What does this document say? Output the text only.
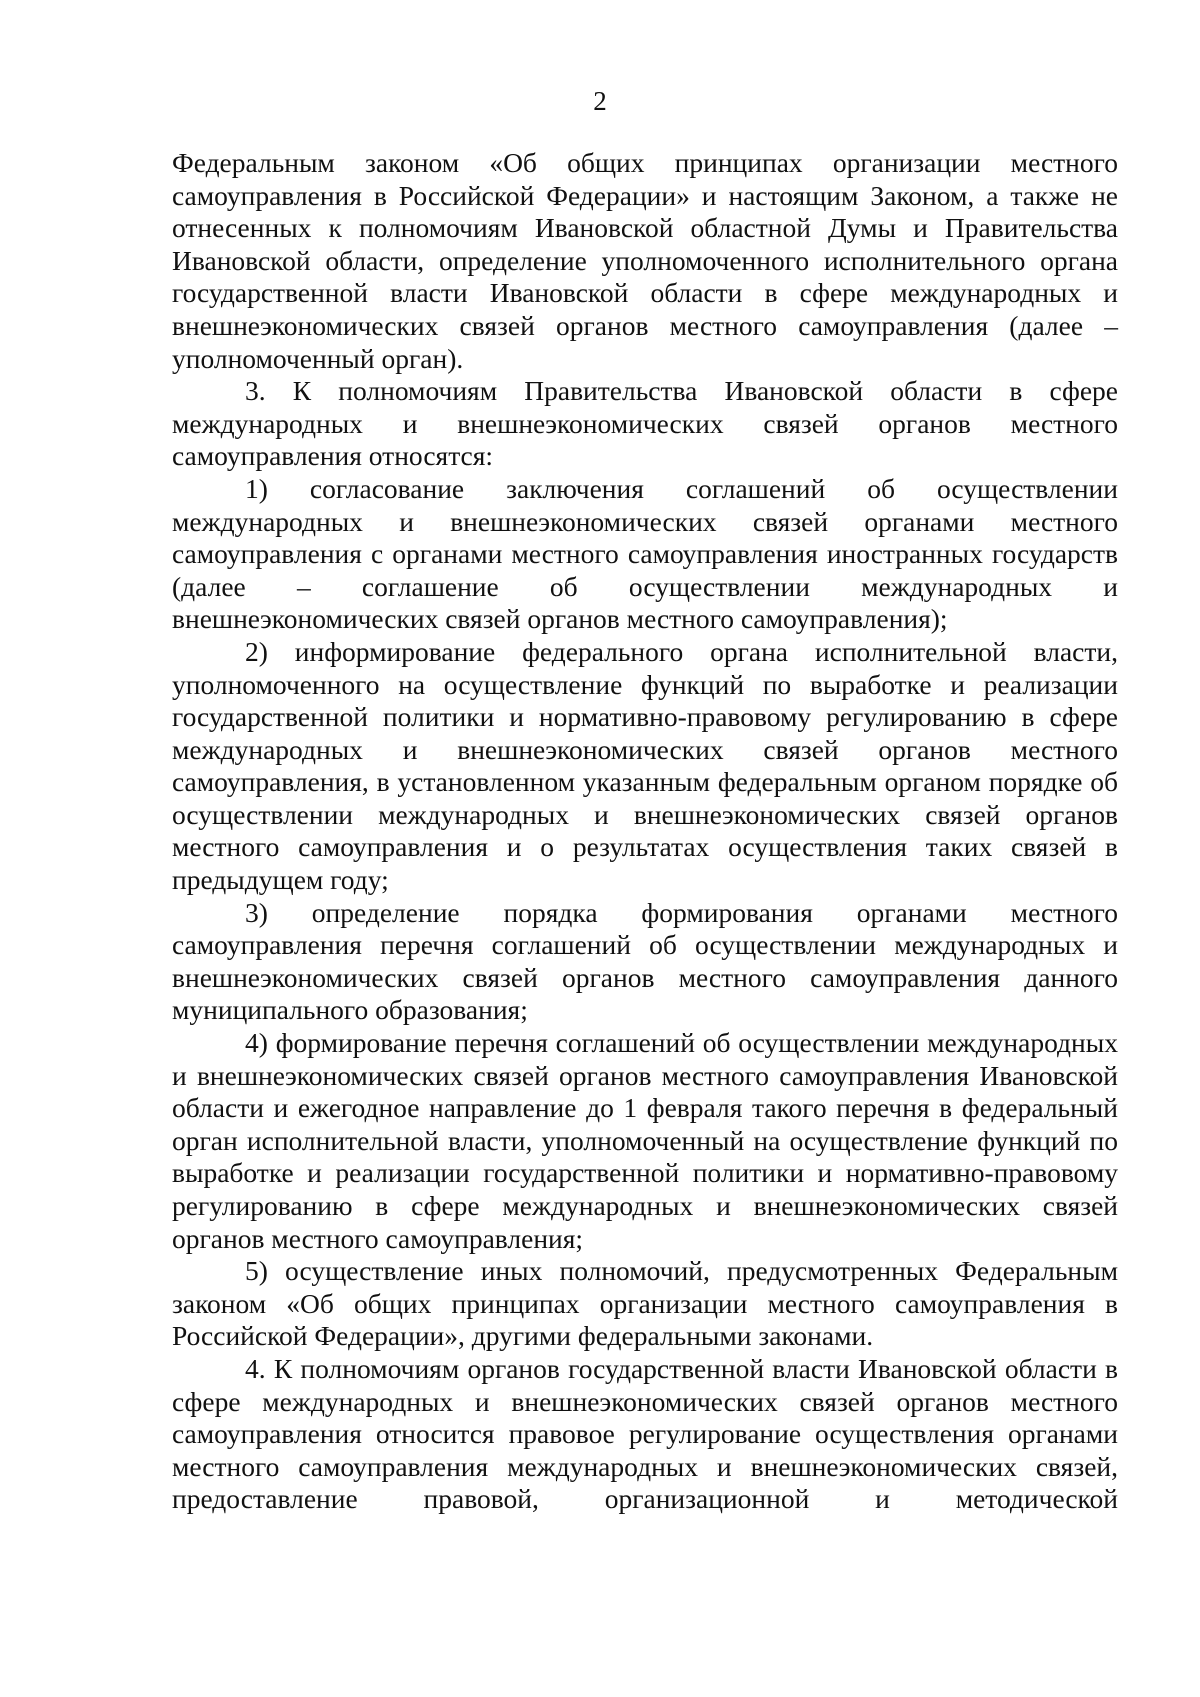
2

Федеральным законом «Об общих принципах организации местного самоуправления в Российской Федерации» и настоящим Законом, а также не отнесенных к полномочиям Ивановской областной Думы и Правительства Ивановской области, определение уполномоченного исполнительного органа государственной власти Ивановской области в сфере международных и внешнеэкономических связей органов местного самоуправления (далее – уполномоченный орган).

3. К полномочиям Правительства Ивановской области в сфере международных и внешнеэкономических связей органов местного самоуправления относятся:

1) согласование заключения соглашений об осуществлении международных и внешнеэкономических связей органами местного самоуправления с органами местного самоуправления иностранных государств (далее – соглашение об осуществлении международных и внешнеэкономических связей органов местного самоуправления);

2) информирование федерального органа исполнительной власти, уполномоченного на осуществление функций по выработке и реализации государственной политики и нормативно-правовому регулированию в сфере международных и внешнеэкономических связей органов местного самоуправления, в установленном указанным федеральным органом порядке об осуществлении международных и внешнеэкономических связей органов местного самоуправления и о результатах осуществления таких связей в предыдущем году;

3) определение порядка формирования органами местного самоуправления перечня соглашений об осуществлении международных и внешнеэкономических связей органов местного самоуправления данного муниципального образования;

4) формирование перечня соглашений об осуществлении международных и внешнеэкономических связей органов местного самоуправления Ивановской области и ежегодное направление до 1 февраля такого перечня в федеральный орган исполнительной власти, уполномоченный на осуществление функций по выработке и реализации государственной политики и нормативно-правовому регулированию в сфере международных и внешнеэкономических связей органов местного самоуправления;

5) осуществление иных полномочий, предусмотренных Федеральным законом «Об общих принципах организации местного самоуправления в Российской Федерации», другими федеральными законами.

4. К полномочиям органов государственной власти Ивановской области в сфере международных и внешнеэкономических связей органов местного самоуправления относится правовое регулирование осуществления органами местного самоуправления международных и внешнеэкономических связей, предоставление правовой, организационной и методической
